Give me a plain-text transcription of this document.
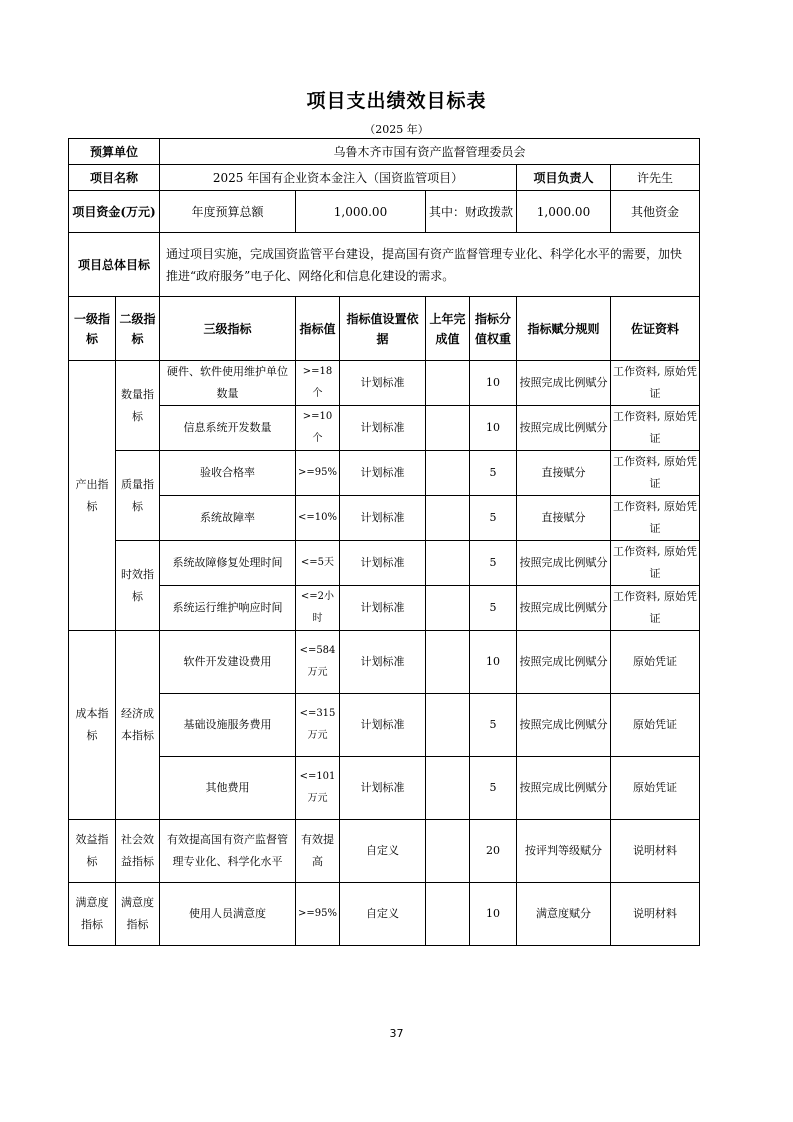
项目支出绩效目标表
（2025 年）
预算单位		乌鲁木齐市国有资产监督管理委员会						
项目名称		2025 年国有企业资本金注入（国资监管项目）					项目负责人	许先生
项目资金(万元)		年度预算总额	1,000.00		其中：财政拨款		1,000.00	其他资金
项目总体目标		通过项目实施，完成国资监管平台建设，提高国有资产监督管理专业化、科学化水平的需要，加快推进“政府服务”电子化、网络化和信息化建设的需求。						
一级指标	二级指标	三级指标	指标值	指标值设置依据	上年完成值	指标分值权重	指标赋分规则	佐证资料
产出指标	数量指标	硬件、软件使用维护单位数量	>=18个	计划标准		10	按照完成比例赋分	工作资料, 原始凭证
		信息系统开发数量	>=10个	计划标准		10	按照完成比例赋分	工作资料, 原始凭证
	质量指标	验收合格率	>=95%	计划标准		5	直接赋分	工作资料, 原始凭证
		系统故障率	<=10%	计划标准		5	直接赋分	工作资料, 原始凭证
	时效指标	系统故障修复处理时间	<=5天	计划标准		5	按照完成比例赋分	工作资料, 原始凭证
		系统运行维护响应时间	<=2小时	计划标准		5	按照完成比例赋分	工作资料, 原始凭证
成本指标	经济成本指标	软件开发建设费用	<=584万元	计划标准		10	按照完成比例赋分	原始凭证
		基础设施服务费用	<=315万元	计划标准		5	按照完成比例赋分	原始凭证
		其他费用	<=101万元	计划标准		5	按照完成比例赋分	原始凭证
效益指标	社会效益指标	有效提高国有资产监督管理专业化、科学化水平	有效提高	自定义		20	按评判等级赋分	说明材料
满意度指标	满意度指标	使用人员满意度	>=95%	自定义		10	满意度赋分	说明材料
37
